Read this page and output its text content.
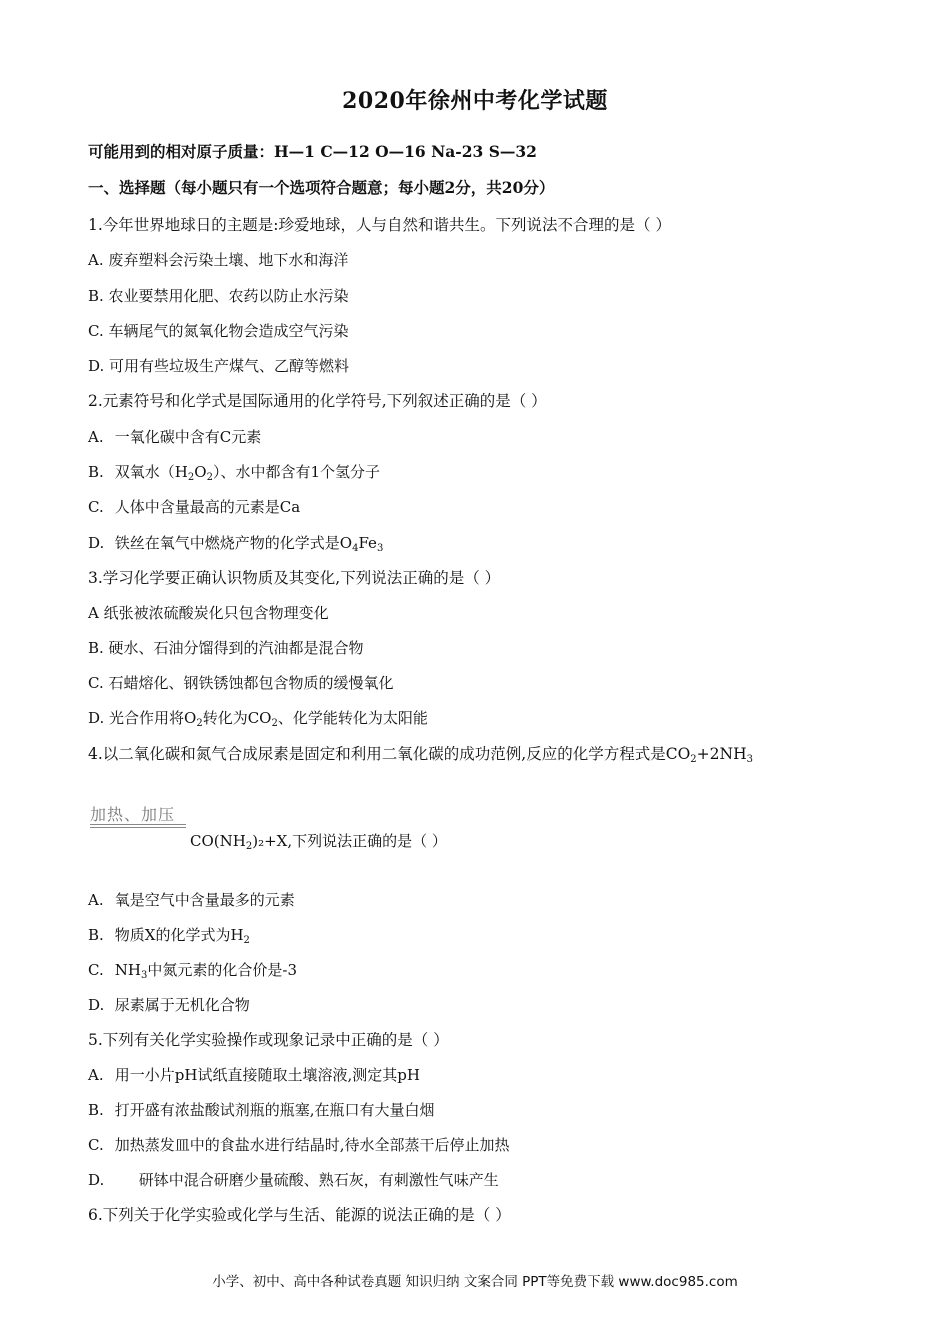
2020年徐州中考化学试题
可能用到的相对原子质量：H—1 C—12 O—16 Na-23 S—32
一、选择题（每小题只有一个选项符合题意；每小题2分，共20分）
1.今年世界地球日的主题是:珍爱地球，人与自然和谐共生。下列说法不合理的是（ ）
A. 废弃塑料会污染土壤、地下水和海洋
B. 农业要禁用化肥、农药以防止水污染
C. 车辆尾气的氮氧化物会造成空气污染
D. 可用有些垃圾生产煤气、乙醇等燃料
2.元素符号和化学式是国际通用的化学符号,下列叙述正确的是（ ）
A. 一氧化碳中含有C元素
B. 双氧水$(H_2O_2)$、水中都含有1个氢分子
C. 人体中含量最高的元素是Ca
D. 铁丝在氧气中燃烧产物的化学式是$O_4Fe_3$
3.学习化学要正确认识物质及其变化,下列说法正确的是（ ）
A 纸张被浓硫酸炭化只包含物理变化
B. 硬水、石油分馏得到的汽油都是混合物
C. 石蜡熔化、钢铁锈蚀都包含物质的缓慢氧化
D. 光合作用将$O_2$转化为$CO_2$、化学能转化为太阳能
4.以二氧化碳和氮气合成尿素是固定和利用二氧化碳的成功范例,反应的化学方程式是$CO_2+2NH_3$
加热、加压
$CO(NH_2)_2+X$,下列说法正确的是（ ）
A. 氧是空气中含量最多的元素
B. 物质X的化学式为$H_2$
C. $NH_3$中氮元素的化合价是-3
D. 尿素属于无机化合物
5.下列有关化学实验操作或现象记录中正确的是（ ）
A. 用一小片pH试纸直接随取土壤溶液,测定其pH
B. 打开盛有浓盐酸试剂瓶的瓶塞,在瓶口有大量白烟
C. 加热蒸发皿中的食盐水进行结晶时,待水全部蒸干后停止加热
D. 研钵中混合研磨少量硫酸、熟石灰，有刺激性气味产生
6.下列关于化学实验或化学与生活、能源的说法正确的是（ ）
小学、初中、高中各种试卷真题 知识归纳 文案合同 PPT等免费下载 www.doc985.com
